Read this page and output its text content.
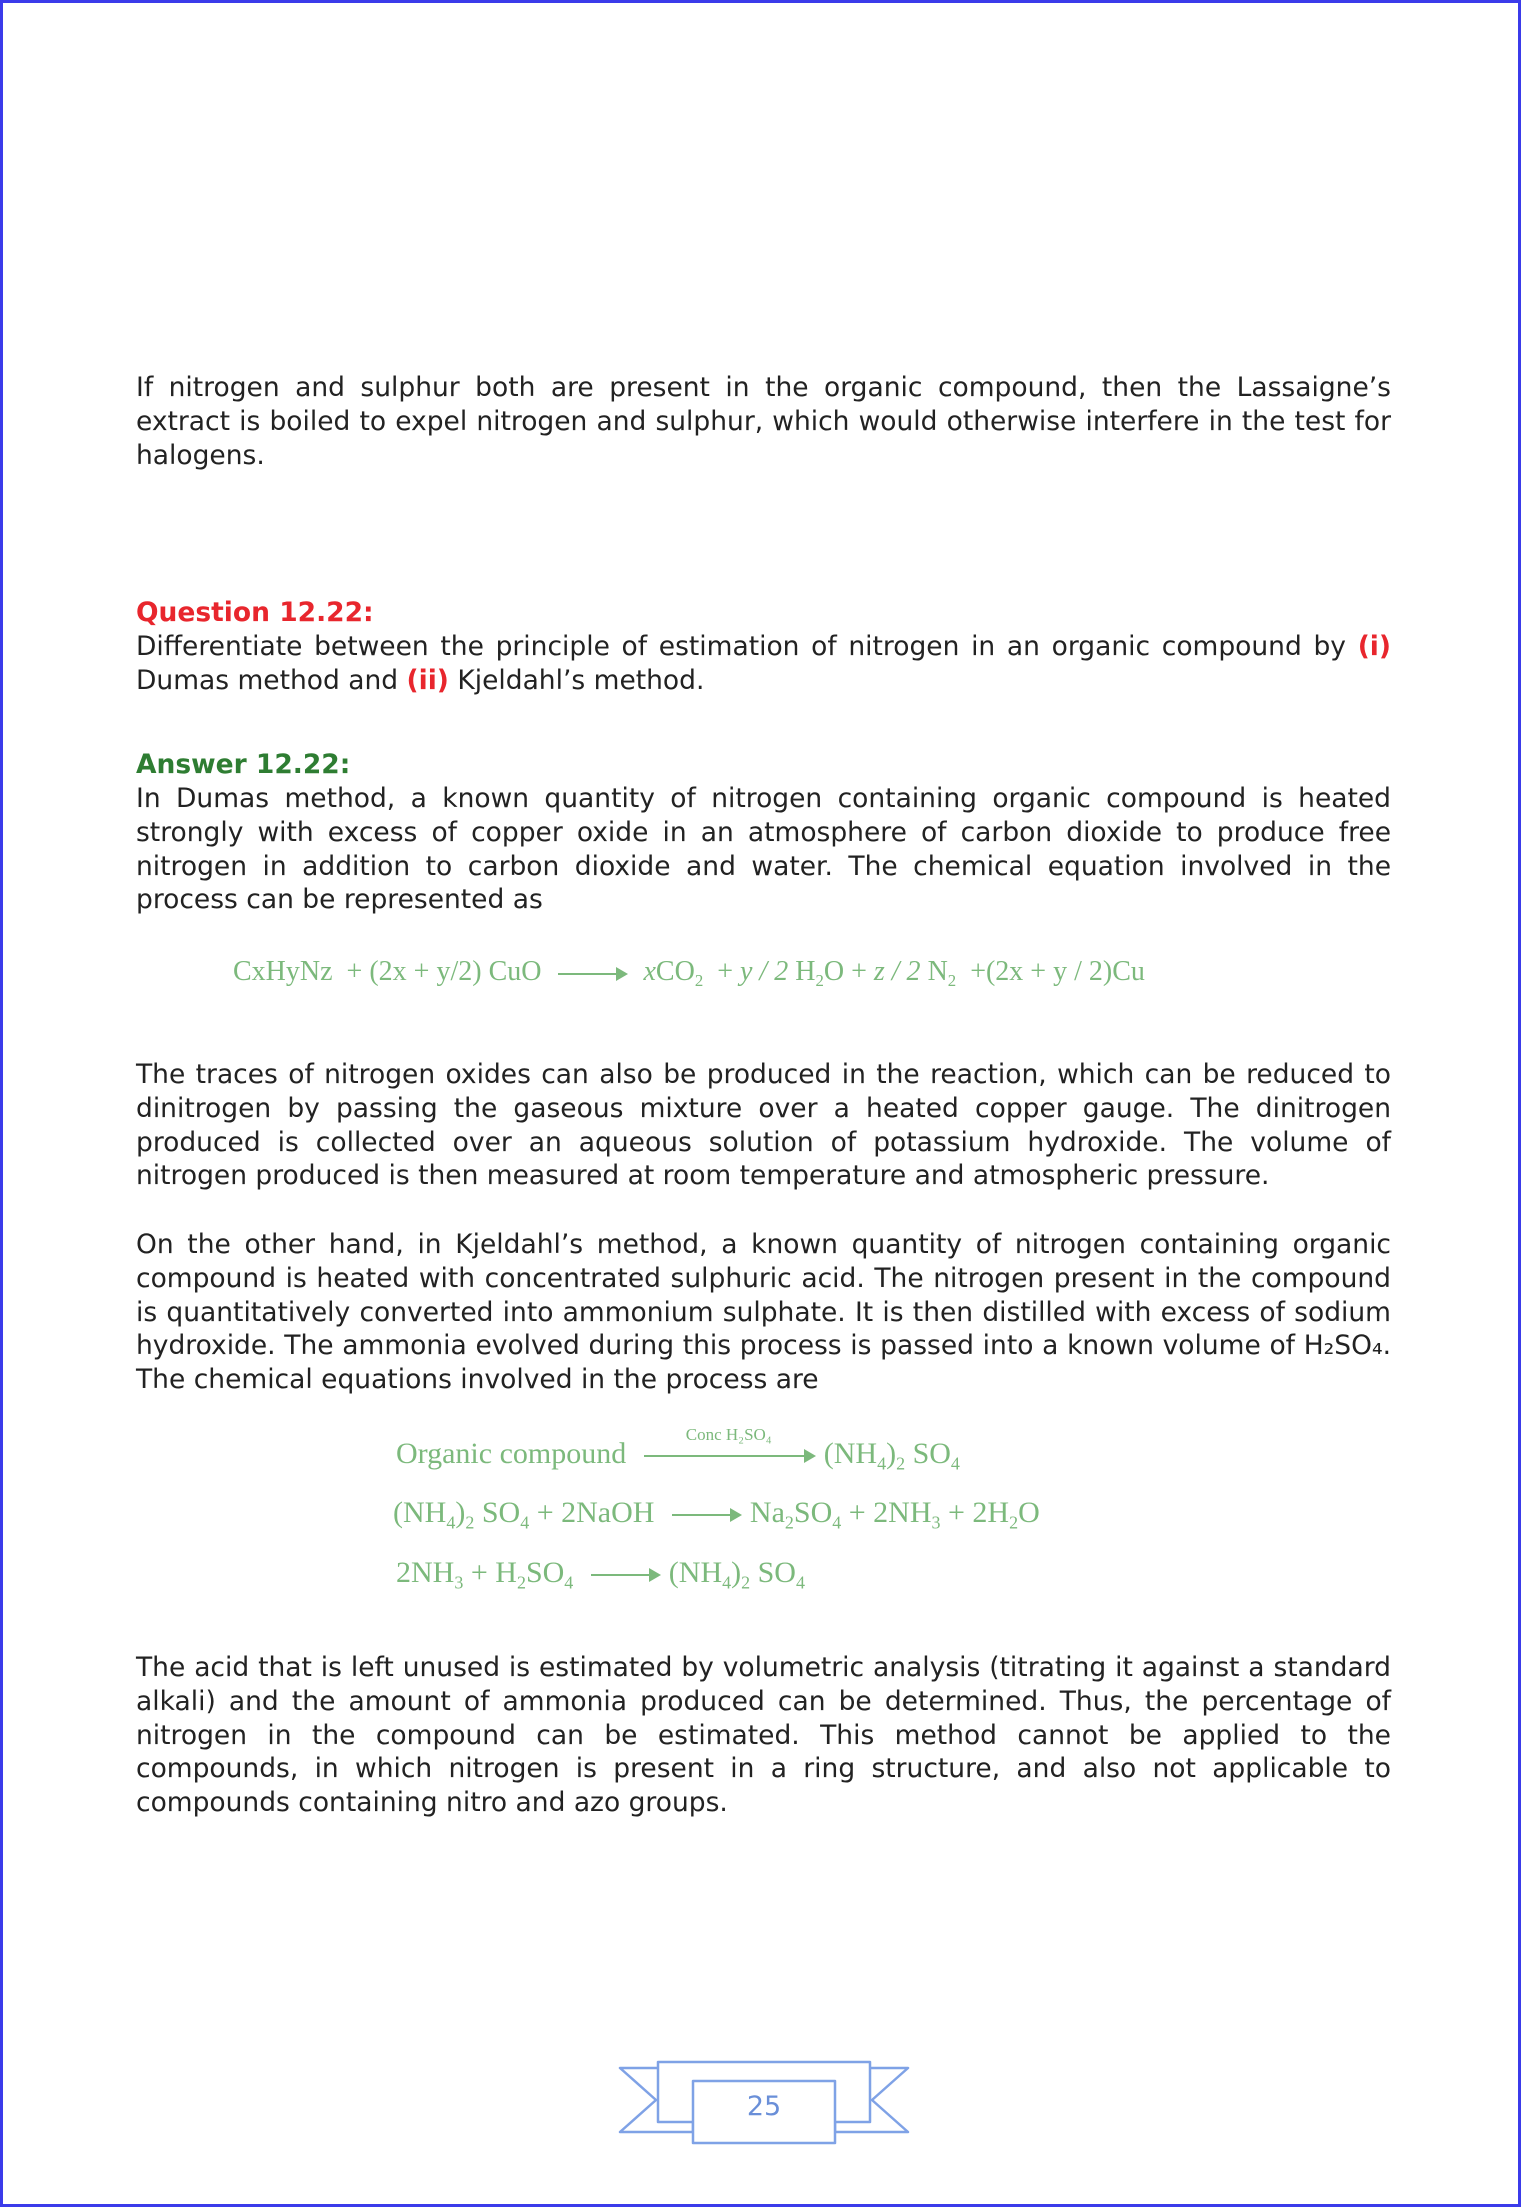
If nitrogen and sulphur both are present in the organic compound, then the Lassaigne’s extract is boiled to expel nitrogen and sulphur, which would otherwise interfere in the test for halogens.

Question 12.22:

Differentiate between the principle of estimation of nitrogen in an organic compound by (i) Dumas method and (ii) Kjeldahl’s method.

Answer 12.22:

In Dumas method, a known quantity of nitrogen containing organic compound is heated strongly with excess of copper oxide in an atmosphere of carbon dioxide to produce free nitrogen in addition to carbon dioxide and water. The chemical equation involved in the process can be represented as

CxHyNz + (2x + y/2) CuO → xCO$_2$ + y / 2 $H_2O + z / 2$ $N_2 +(2x + y / 2)Cu$

The traces of nitrogen oxides can also be produced in the reaction, which can be reduced to dinitrogen by passing the gaseous mixture over a heated copper gauge. The dinitrogen produced is collected over an aqueous solution of potassium hydroxide. The volume of nitrogen produced is then measured at room temperature and atmospheric pressure.

On the other hand, in Kjeldahl’s method, a known quantity of nitrogen containing organic compound is heated with concentrated sulphuric acid. The nitrogen present in the compound is quantitatively converted into ammonium sulphate. It is then distilled with excess of sodium hydroxide. The ammonia evolved during this process is passed into a known volume of H₂SO₄. The chemical equations involved in the process are

Organic compound
Conc H₂SO₄
$(NH_4)_2$ $SO_4$
$(NH_4)_2$ $SO_4$ + 2NaOH → $Na_2SO_4 + 2NH_3 + 2H_2O$
$2NH_3 + H_2SO_4 \to (NH_4)_2$ $SO_4$

The acid that is left unused is estimated by volumetric analysis (titrating it against a standard alkali) and the amount of ammonia produced can be determined. Thus, the percentage of nitrogen in the compound can be estimated. This method cannot be applied to the compounds, in which nitrogen is present in a ring structure, and also not applicable to compounds containing nitro and azo groups.

25
